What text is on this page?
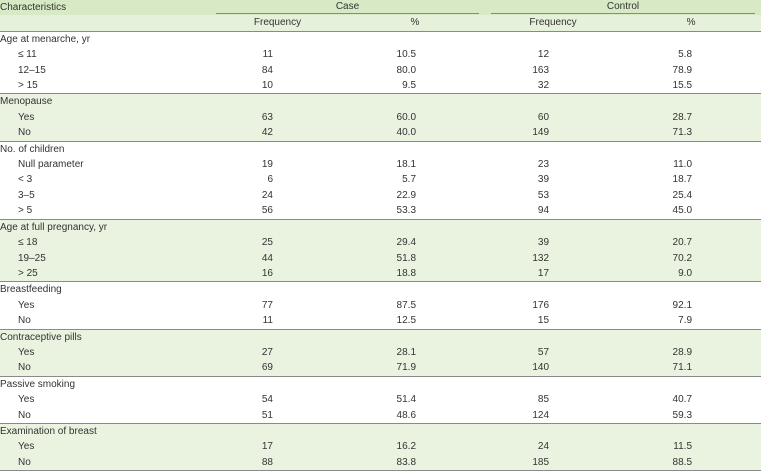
Characteristics	Case		Control	

	Frequency	%	Frequency	%
Age at menarche, yr				
≤ 11	11	10.5	12	5.8
12–15	84	80.0	163	78.9
> 15	10	9.5	32	15.5
Menopause				
Yes	63	60.0	60	28.7
No	42	40.0	149	71.3
No. of children				
Null parameter	19	18.1	23	11.0
< 3	6	5.7	39	18.7
3–5	24	22.9	53	25.4
> 5	56	53.3	94	45.0
Age at full pregnancy, yr				
≤ 18	25	29.4	39	20.7
19–25	44	51.8	132	70.2
> 25	16	18.8	17	9.0
Breastfeeding				
Yes	77	87.5	176	92.1
No	11	12.5	15	7.9
Contraceptive pills				
Yes	27	28.1	57	28.9
No	69	71.9	140	71.1
Passive smoking				
Yes	54	51.4	85	40.7
No	51	48.6	124	59.3
Examination of breast				
Yes	17	16.2	24	11.5
No	88	83.8	185	88.5
